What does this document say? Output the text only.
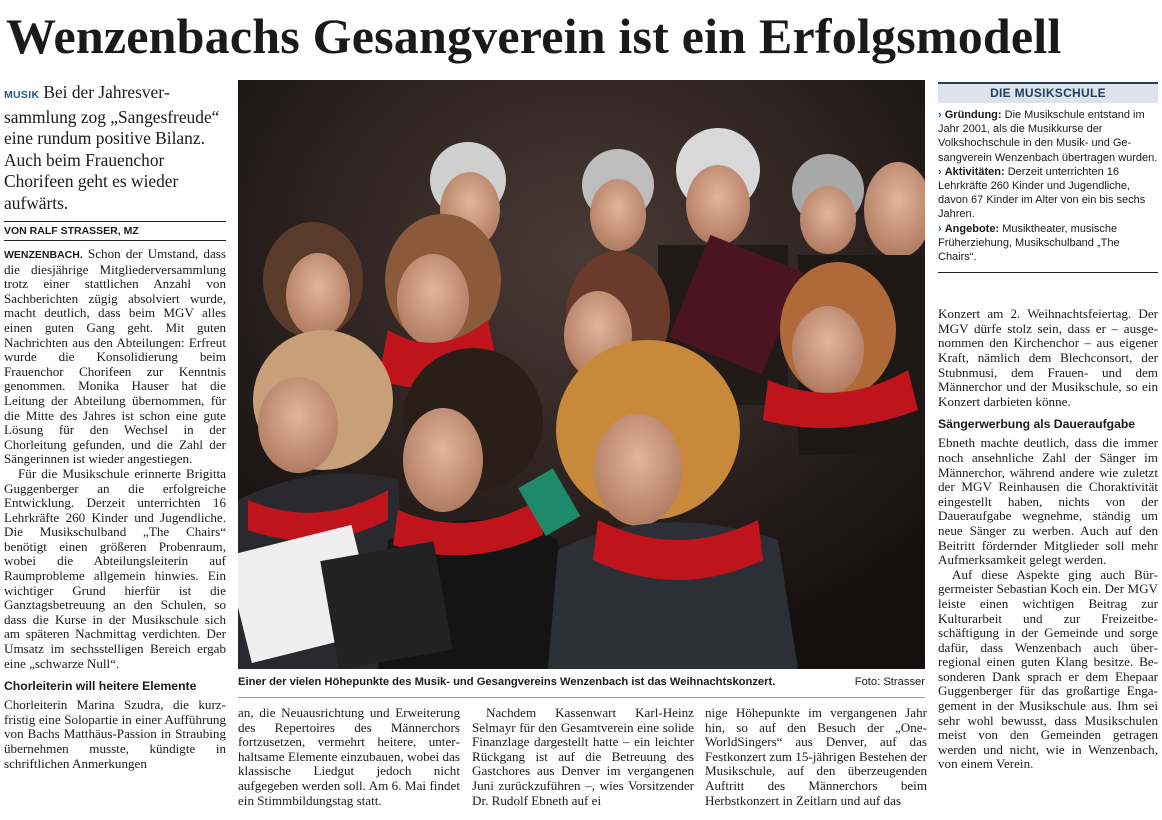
Wenzenbachs Gesangverein ist ein Erfolgsmodell

MUSIK Bei der Jahresversammlung zog „Sangesfreude“ eine rundum positive Bilanz. Auch beim Frauenchor Chorifeen geht es wieder aufwärts.

VON RALF STRASSER, MZ

WENZENBACH. Schon der Umstand, dass die diesjährige Mitgliederversammlung trotz einer stattlichen Anzahl von Sachberichten zügig absolviert wurde, macht deutlich, dass beim MGV alles einen guten Gang geht. Mit guten Nachrichten aus den Abteilungen: Erfreut wurde die Konsolidierung beim Frauenchor Chorifeen zur Kenntnis genommen. Monika Hauser hat die Leitung der Abteilung übernommen, für die Mitte des Jahres ist schon eine gute Lösung für den Wechsel in der Chorleitung gefunden, und die Zahl der Sängerinnen ist wieder angestiegen.

Für die Musikschule erinnerte Brigitta Guggenberger an die erfolgreiche Entwicklung. Derzeit unterrichten 16 Lehrkräfte 260 Kinder und Jugendliche. Die Musikschulband „The Chairs“ benötigt einen größeren Probenraum, wobei die Abteilungsleiterin auf Raumprobleme allgemein hinwies. Ein wichtiger Grund hierfür ist die Ganztagsbetreuung an den Schulen, so dass die Kurse in der Musikschule sich am späteren Nachmittag verdichten. Der Umsatz im sechsstelligen Bereich ergab eine „schwarze Null“.

Chorleiterin will heitere Elemente

Chorleiterin Marina Szudra, die kurzfristig eine Solopartie in einer Aufführung von Bachs Matthäus-Passion in Straubing übernehmen musste, kündigte in schriftlichen Anmerkungen

Einer der vielen Höhepunkte des Musik- und Gesangvereins Wenzenbach ist das Weihnachtskonzert.	Foto: Strasser

an, die Neuausrichtung und Erweiterung des Repertoires des Männerchors fortzusetzen, vermehrt heitere, unterhaltsame Elemente einzubauen, wobei das klassische Liedgut jedoch nicht aufgegeben werden soll. Am 6. Mai findet ein Stimmbildungstag statt.

Nachdem Kassenwart Karl-Heinz Selmayr für den Gesamtverein eine solide Finanzlage dargestellt hatte – ein leichter Rückgang ist auf die Betreuung des Gastchores aus Denver im vergangenen Juni zurückzuführen –, wies Vorsitzender Dr. Rudolf Ebneth auf ei

nige Höhepunkte im vergangenen Jahr hin, so auf den Besuch der „OneWorldSingers“ aus Denver, auf das Festkonzert zum 15-jährigen Bestehen der Musikschule, auf den überzeugenden Auftritt des Männerchors beim Herbstkonzert in Zeitlarn und auf das

DIE MUSIKSCHULE
› Gründung: Die Musikschule entstand im Jahr 2001, als die Musikkurse der Volkshochschule in den Musik- und Gesangverein Wenzenbach übertragen wurden.
› Aktivitäten: Derzeit unterrichten 16 Lehrkräfte 260 Kinder und Jugendliche, davon 67 Kinder im Alter von ein bis sechs Jahren.
› Angebote: Musiktheater, musische Früherziehung, Musikschulband „The Chairs“.

Konzert am 2. Weihnachtsfeiertag. Der MGV dürfe stolz sein, dass er – ausgenommen den Kirchenchor – aus eigener Kraft, nämlich dem Blechconsort, der Stubnmusi, dem Frauen- und dem Männerchor und der Musikschule, so ein Konzert darbieten könne.

Sängerwerbung als Daueraufgabe

Ebneth machte deutlich, dass die immer noch ansehnliche Zahl der Sänger im Männerchor, während andere wie zuletzt der MGV Reinhausen die Choraktivität eingestellt haben, nichts von der Daueraufgabe wegnehme, ständig um neue Sänger zu werben. Auch auf den Beitritt fördernder Mitglieder soll mehr Aufmerksamkeit gelegt werden.

Auf diese Aspekte ging auch Bürgermeister Sebastian Koch ein. Der MGV leiste einen wichtigen Beitrag zur Kulturarbeit und zur Freizeitbeschäftigung in der Gemeinde und sorge dafür, dass Wenzenbach auch überregional einen guten Klang besitze. Besonderen Dank sprach er dem Ehepaar Guggenberger für das großartige Engagement in der Musikschule aus. Ihm sei sehr wohl bewusst, dass Musikschulen meist von den Gemeinden getragen werden und nicht, wie in Wenzenbach, von einem Verein.
